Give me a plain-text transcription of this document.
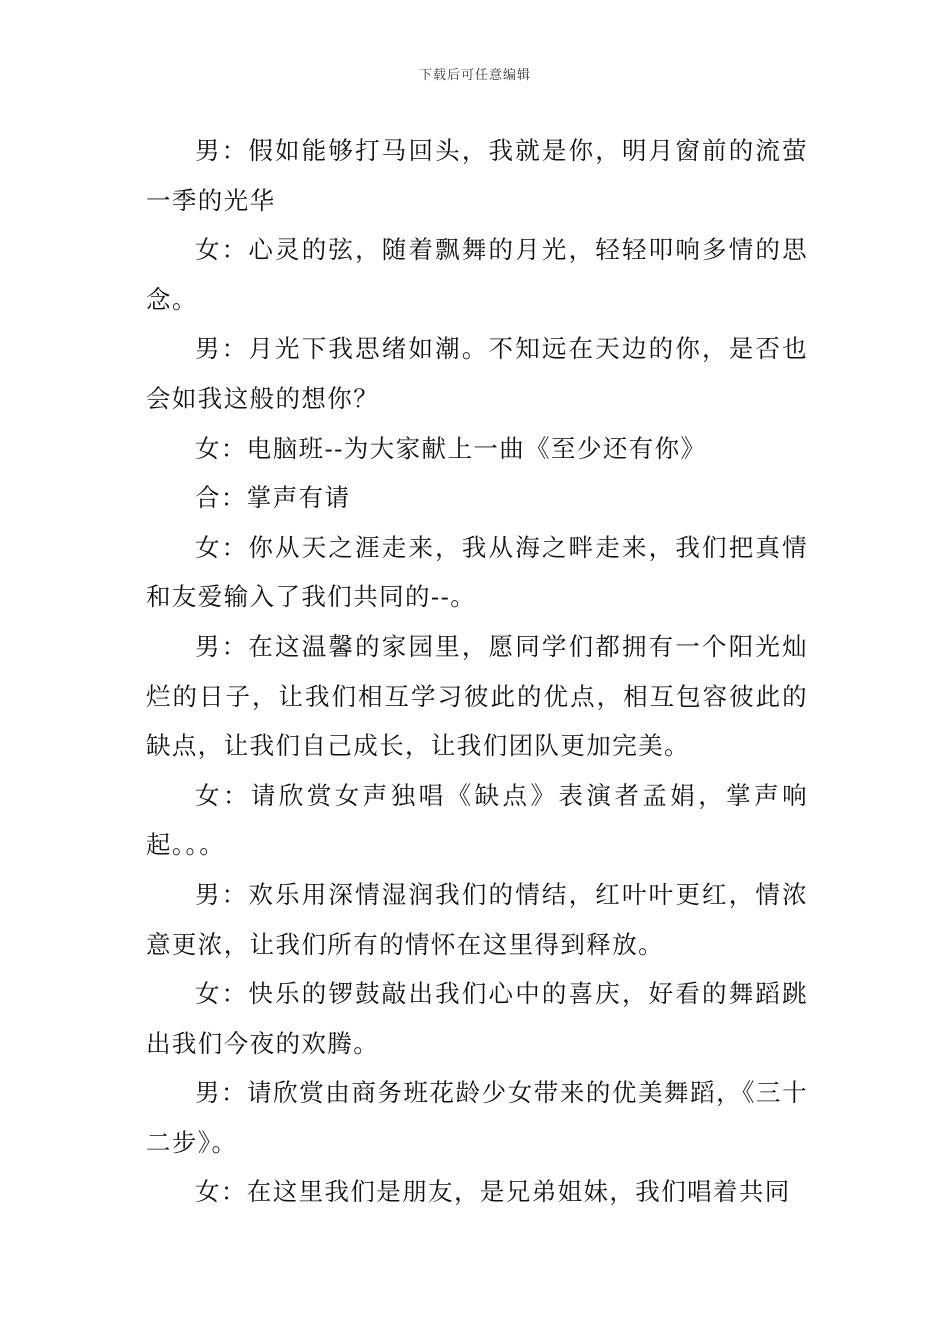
下载后可任意编辑

男：假如能够打马回头，我就是你，明月窗前的流萤一季的光华

女：心灵的弦，随着飘舞的月光，轻轻叩响多情的思念。

男：月光下我思绪如潮。不知远在天边的你，是否也会如我这般的想你？

女：电脑班--为大家献上一曲《至少还有你》

合：掌声有请

女：你从天之涯走来，我从海之畔走来，我们把真情和友爱输入了我们共同的--。

男：在这温馨的家园里，愿同学们都拥有一个阳光灿烂的日子，让我们相互学习彼此的优点，相互包容彼此的缺点，让我们自己成长，让我们团队更加完美。

女：请欣赏女声独唱《缺点》表演者孟娟，掌声响起。。。

男：欢乐用深情湿润我们的情结，红叶叶更红，情浓意更浓，让我们所有的情怀在这里得到释放。

女：快乐的锣鼓敲出我们心中的喜庆，好看的舞蹈跳出我们今夜的欢腾。

男：请欣赏由商务班花龄少女带来的优美舞蹈，《三十二步》。

女：在这里我们是朋友，是兄弟姐妹，我们唱着共同
